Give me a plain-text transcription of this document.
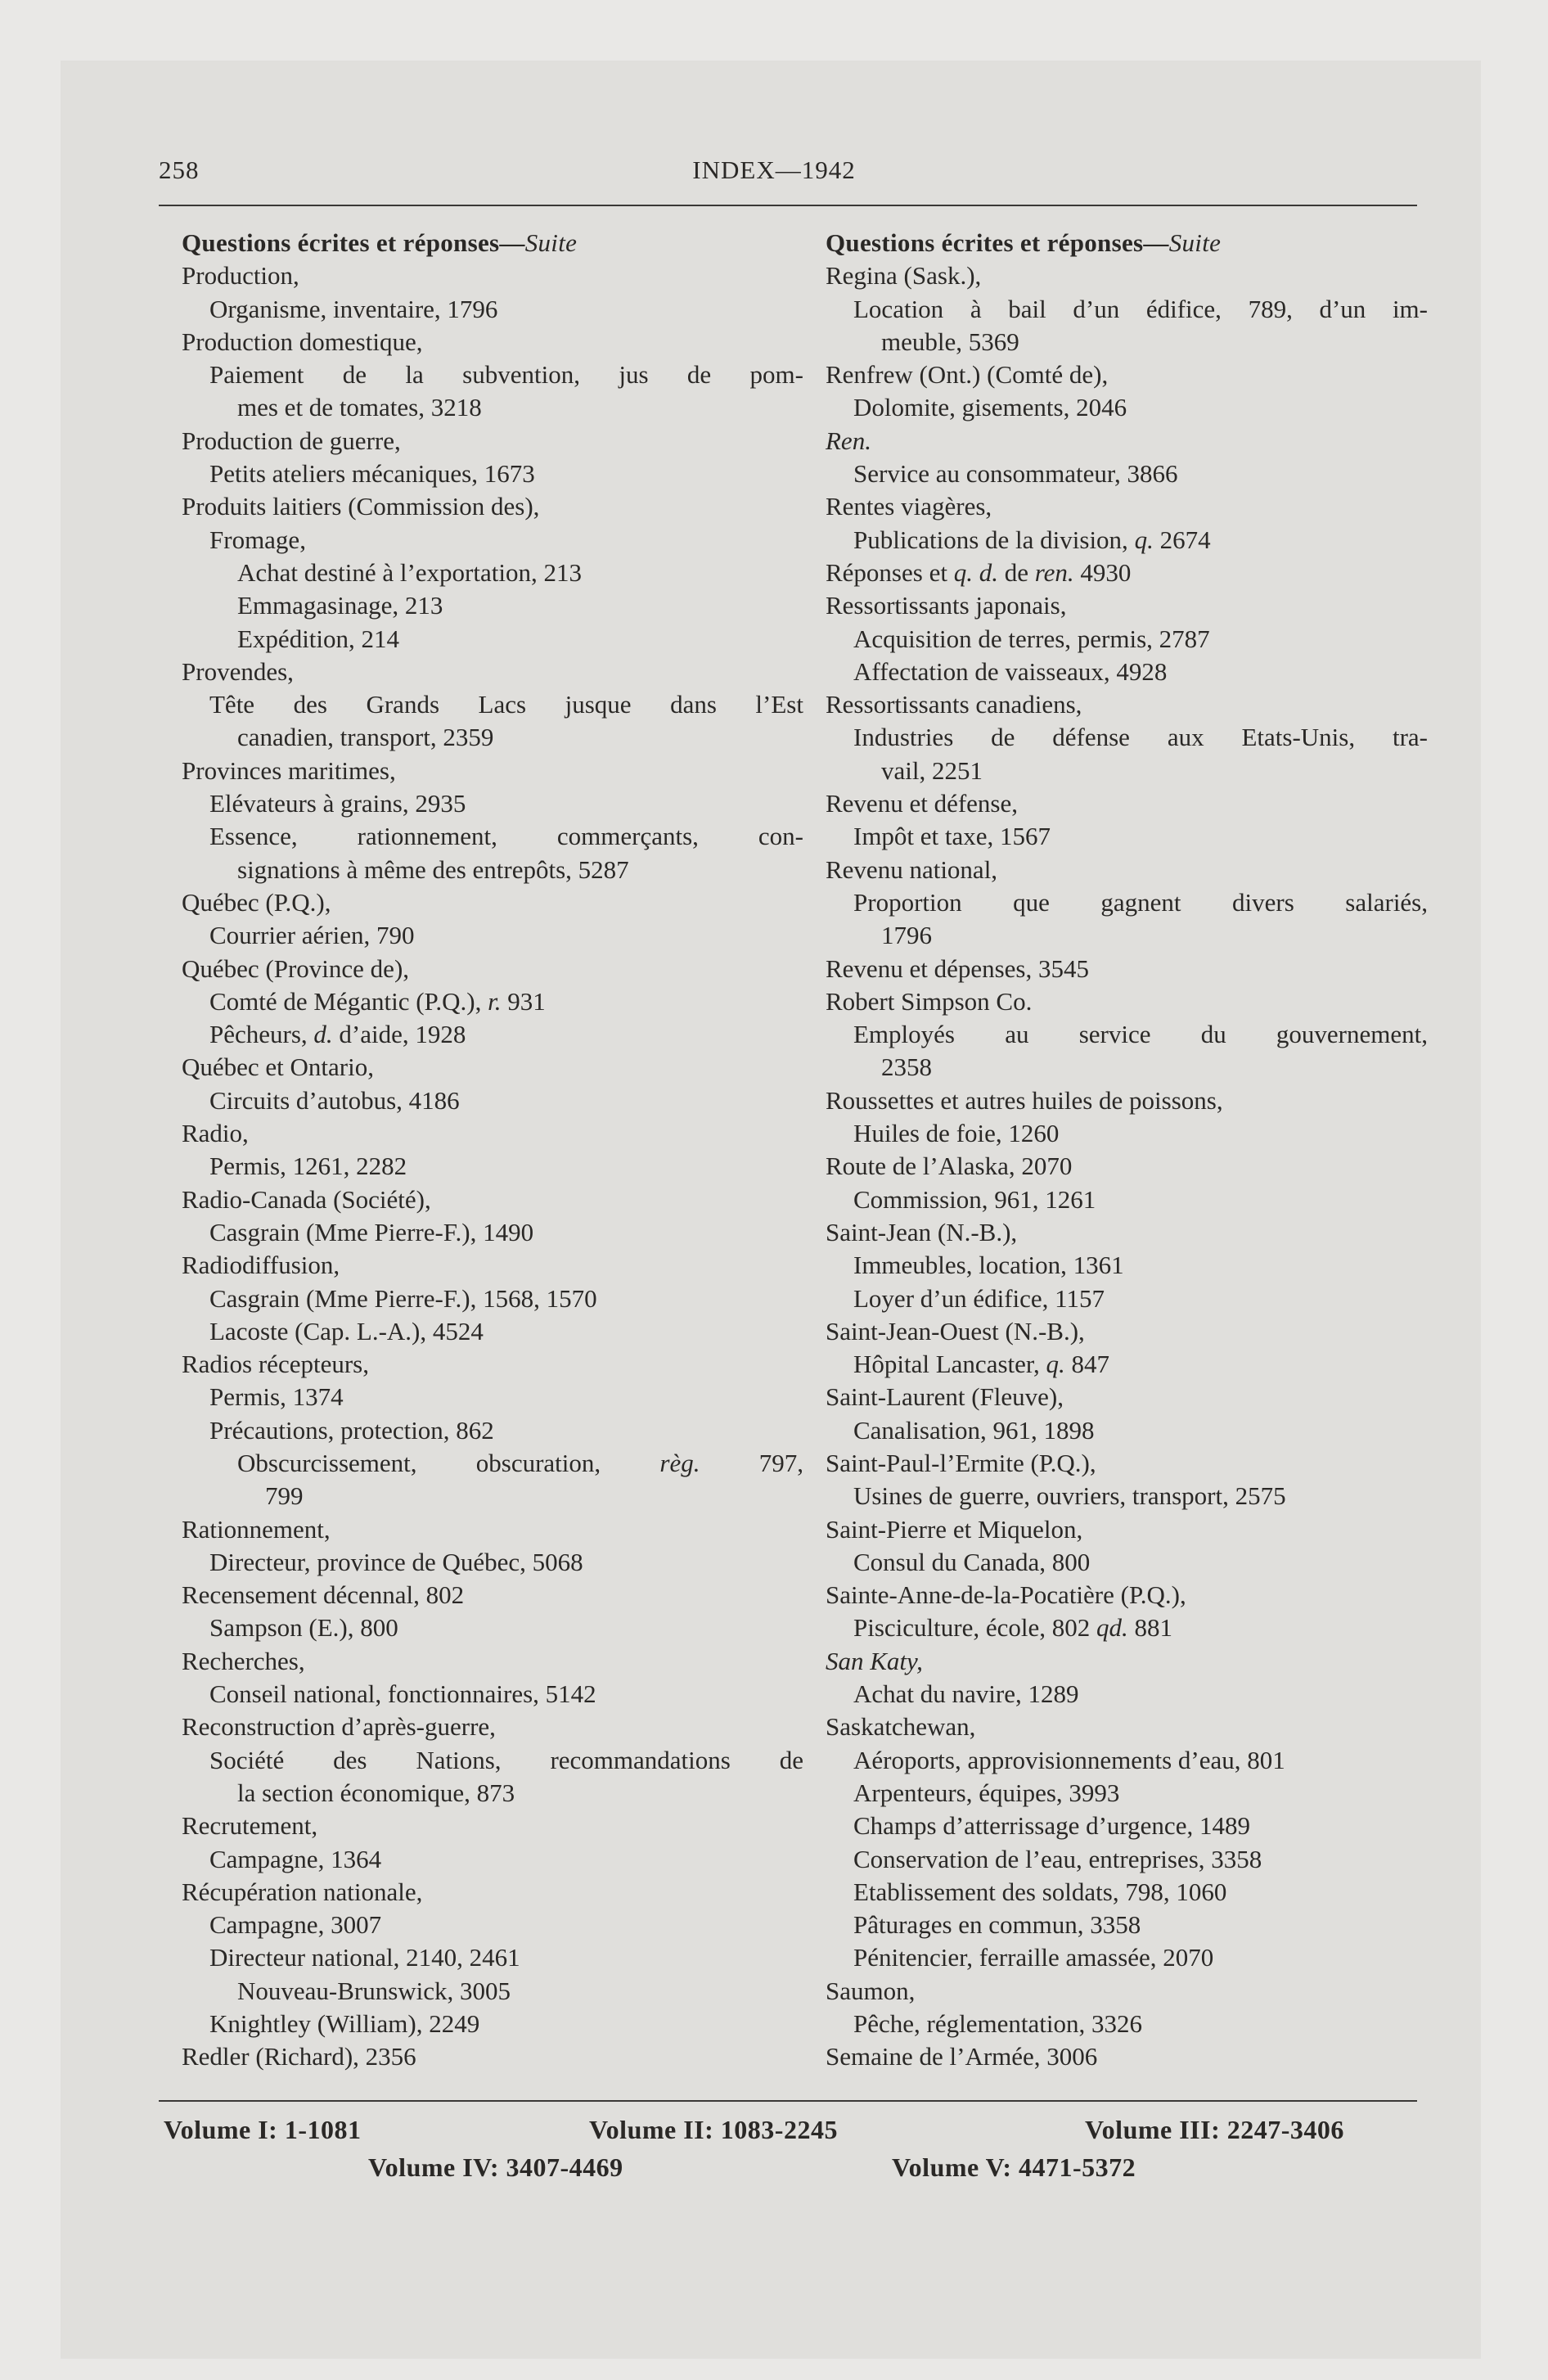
INDEX—1942
258
Questions écrites et réponses—Suite
Production,
Organisme, inventaire, 1796
Production domestique,
Paiement de la subvention, jus de pom-
mes et de tomates, 3218
Production de guerre,
Petits ateliers mécaniques, 1673
Produits laitiers (Commission des),
Fromage,
Achat destiné à l’exportation, 213
Emmagasinage, 213
Expédition, 214
Provendes,
Tête des Grands Lacs jusque dans l’Est
canadien, transport, 2359
Provinces maritimes,
Elévateurs à grains, 2935
Essence, rationnement, commerçants, con-
signations à même des entrepôts, 5287
Québec (P.Q.),
Courrier aérien, 790
Québec (Province de),
Comté de Mégantic (P.Q.), r. 931
Pêcheurs, d. d’aide, 1928
Québec et Ontario,
Circuits d’autobus, 4186
Radio,
Permis, 1261, 2282
Radio-Canada (Société),
Casgrain (Mme Pierre-F.), 1490
Radiodiffusion,
Casgrain (Mme Pierre-F.), 1568, 1570
Lacoste (Cap. L.-A.), 4524
Radios récepteurs,
Permis, 1374
Précautions, protection, 862
Obscurcissement, obscuration, règ. 797,
799
Rationnement,
Directeur, province de Québec, 5068
Recensement décennal, 802
Sampson (E.), 800
Recherches,
Conseil national, fonctionnaires, 5142
Reconstruction d’après-guerre,
Société des Nations, recommandations de
la section économique, 873
Recrutement,
Campagne, 1364
Récupération nationale,
Campagne, 3007
Directeur national, 2140, 2461
Nouveau-Brunswick, 3005
Knightley (William), 2249
Redler (Richard), 2356
Questions écrites et réponses—Suite
Regina (Sask.),
Location à bail d’un édifice, 789, d’un im-
meuble, 5369
Renfrew (Ont.) (Comté de),
Dolomite, gisements, 2046
Ren.
Service au consommateur, 3866
Rentes viagères,
Publications de la division, q. 2674
Réponses et q. d. de ren. 4930
Ressortissants japonais,
Acquisition de terres, permis, 2787
Affectation de vaisseaux, 4928
Ressortissants canadiens,
Industries de défense aux Etats-Unis, tra-
vail, 2251
Revenu et défense,
Impôt et taxe, 1567
Revenu national,
Proportion que gagnent divers salariés,
1796
Revenu et dépenses, 3545
Robert Simpson Co.
Employés au service du gouvernement,
2358
Roussettes et autres huiles de poissons,
Huiles de foie, 1260
Route de l’Alaska, 2070
Commission, 961, 1261
Saint-Jean (N.-B.),
Immeubles, location, 1361
Loyer d’un édifice, 1157
Saint-Jean-Ouest (N.-B.),
Hôpital Lancaster, q. 847
Saint-Laurent (Fleuve),
Canalisation, 961, 1898
Saint-Paul-l’Ermite (P.Q.),
Usines de guerre, ouvriers, transport, 2575
Saint-Pierre et Miquelon,
Consul du Canada, 800
Sainte-Anne-de-la-Pocatière (P.Q.),
Pisciculture, école, 802 qd. 881
San Katy,
Achat du navire, 1289
Saskatchewan,
Aéroports, approvisionnements d’eau, 801
Arpenteurs, équipes, 3993
Champs d’atterrissage d’urgence, 1489
Conservation de l’eau, entreprises, 3358
Etablissement des soldats, 798, 1060
Pâturages en commun, 3358
Pénitencier, ferraille amassée, 2070
Saumon,
Pêche, réglementation, 3326
Semaine de l’Armée, 3006
Volume I: 1-1081	Volume II: 1083-2245	Volume III: 2247-3406
Volume IV: 3407-4469	Volume V: 4471-5372
